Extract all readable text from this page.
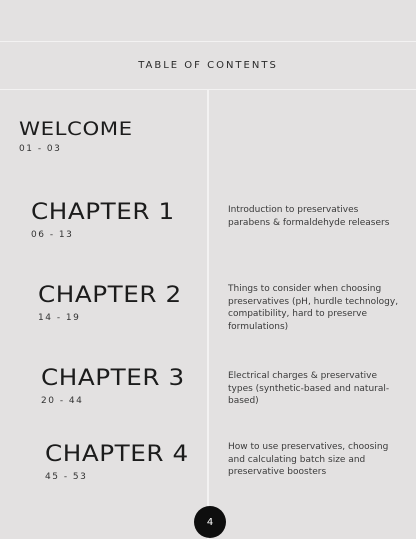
TABLE OF CONTENTS
WELCOME
01 - 03
CHAPTER 1
06 - 13
Introduction to preservatives parabens & formaldehyde releasers
CHAPTER 2
14 - 19
Things to consider when choosing preservatives (pH, hurdle technology, compatibility, hard to preserve formulations)
CHAPTER 3
20 - 44
Electrical charges & preservative types (synthetic-based and natural-based)
CHAPTER 4
45 - 53
How to use preservatives, choosing and calculating batch size and preservative boosters
4
